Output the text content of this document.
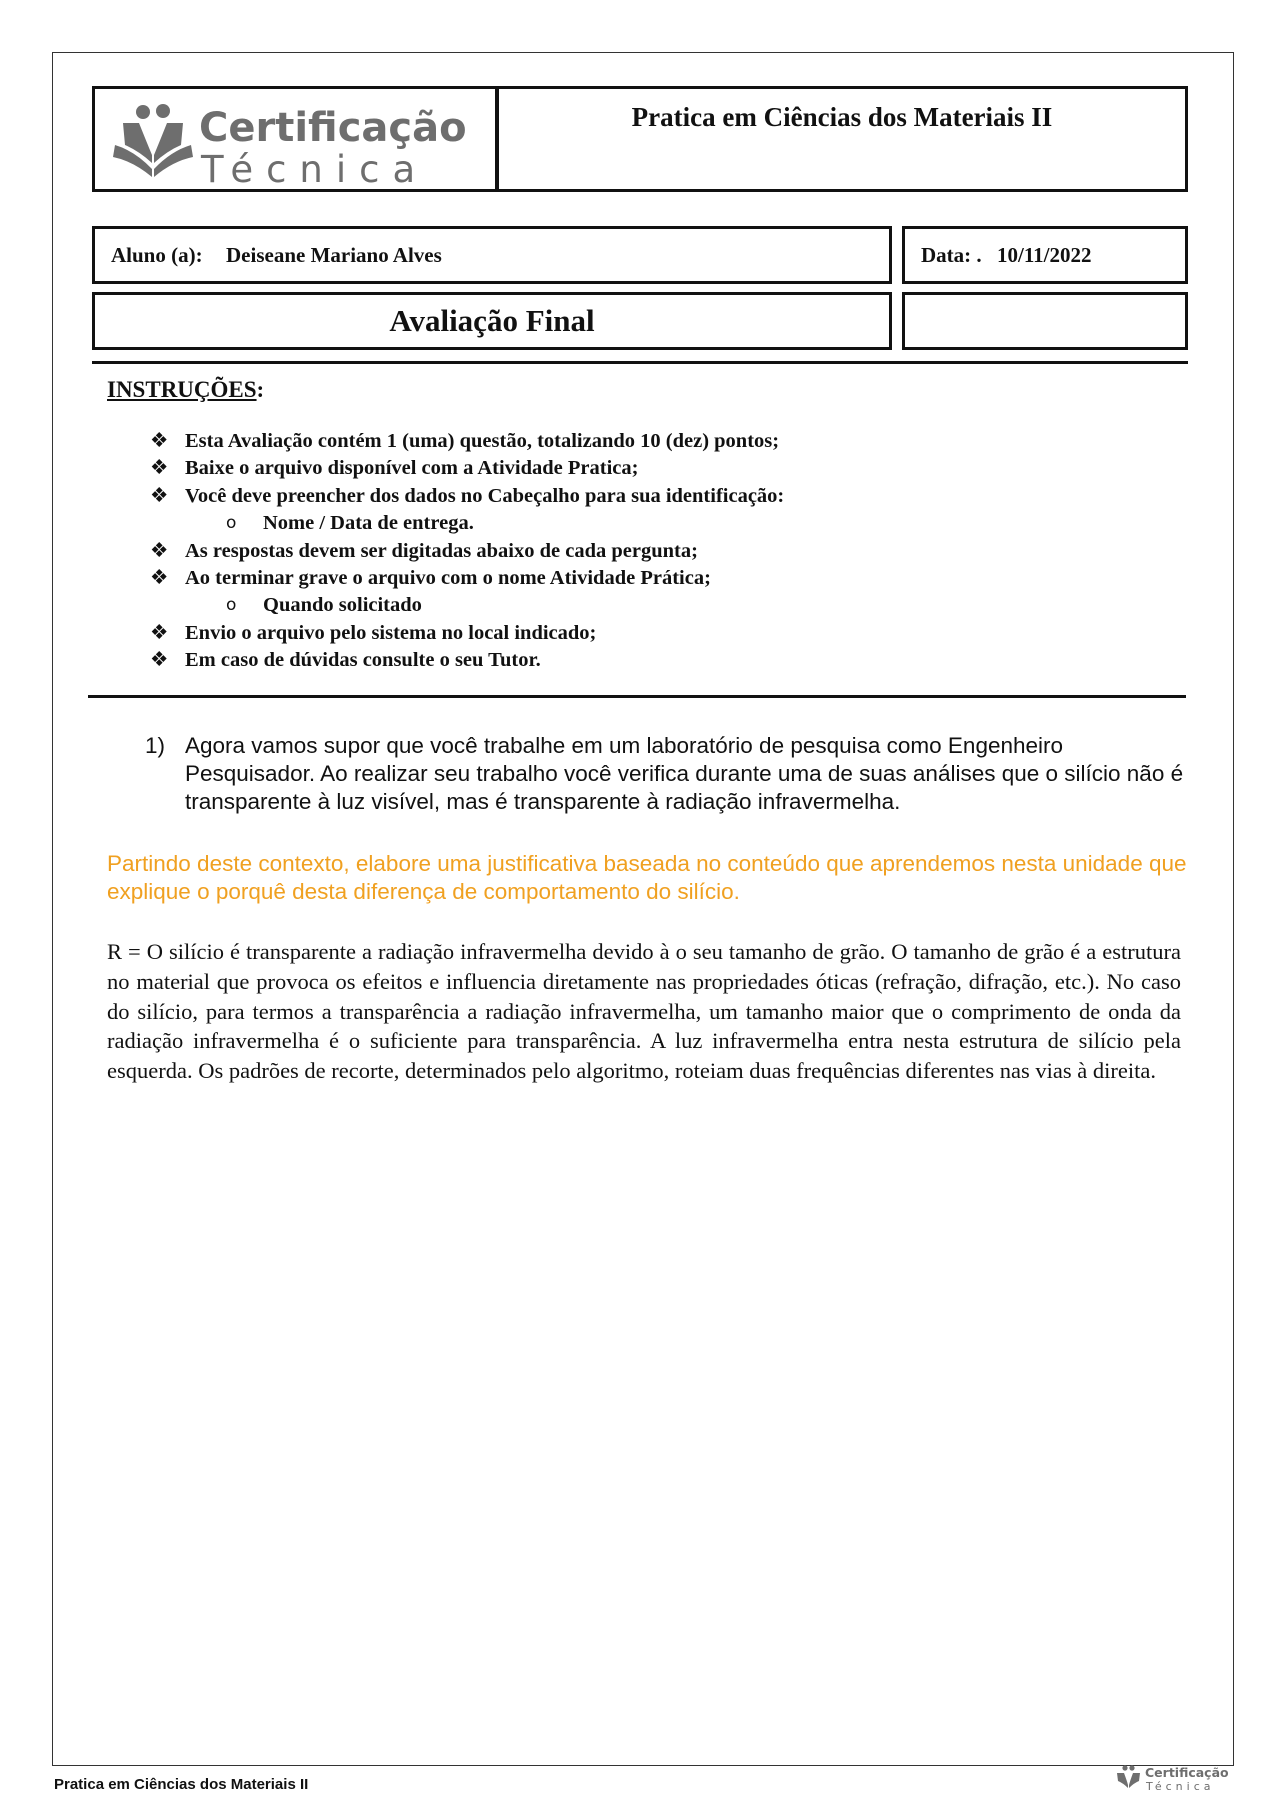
Certificação
Técnica
Pratica em Ciências dos Materiais II
Aluno (a): Deiseane Mariano Alves	Data: . 10/11/2022
Avaliação Final
INSTRUÇÕES:
❖ Esta Avaliação contém 1 (uma) questão, totalizando 10 (dez) pontos;
❖ Baixe o arquivo disponível com a Atividade Pratica;
❖ Você deve preencher dos dados no Cabeçalho para sua identificação:
o Nome / Data de entrega.
❖ As respostas devem ser digitadas abaixo de cada pergunta;
❖ Ao terminar grave o arquivo com o nome Atividade Prática;
o Quando solicitado
❖ Envio o arquivo pelo sistema no local indicado;
❖ Em caso de dúvidas consulte o seu Tutor.
1) Agora vamos supor que você trabalhe em um laboratório de pesquisa como Engenheiro Pesquisador. Ao realizar seu trabalho você verifica durante uma de suas análises que o silício não é transparente à luz visível, mas é transparente à radiação infravermelha.
Partindo deste contexto, elabore uma justificativa baseada no conteúdo que aprendemos nesta unidade que explique o porquê desta diferença de comportamento do silício.
R = O silício é transparente a radiação infravermelha devido à o seu tamanho de grão. O tamanho de grão é a estrutura no material que provoca os efeitos e influencia diretamente nas propriedades óticas (refração, difração, etc.). No caso do silício, para termos a transparência a radiação infravermelha, um tamanho maior que o comprimento de onda da radiação infravermelha é o suficiente para transparência. A luz infravermelha entra nesta estrutura de silício pela esquerda. Os padrões de recorte, determinados pelo algoritmo, roteiam duas frequências diferentes nas vias à direita.
Pratica em Ciências dos Materiais II
Certificação
Técnica
